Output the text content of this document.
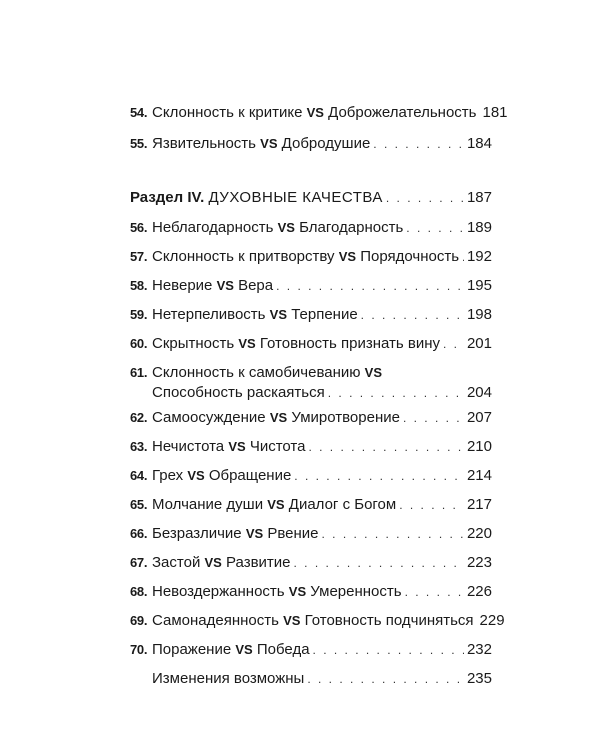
54. Склонность к критике VS Доброжелательность 181
55. Язвительность VS Добродушие . . .	184
Раздел IV. ДУХОВНЫЕ КАЧЕСТВА . . .	187
56. Неблагодарность VS Благодарность . . .	189
57. Склонность к притворству VS Порядочность . . . 192
58. Неверие VS Вера . . .	195
59. Нетерпеливость VS Терпение . . .	198
60. Скрытность VS Готовность признать вину . . . 201
61. Склонность к самобичеванию VS
Способность раскаяться . . .	204
62. Самоосуждение VS Умиротворение . . .	207
63. Нечистота VS Чистота . . .	210
64. Грех VS Обращение . . .	214
65. Молчание души VS Диалог с Богом . . .	217
66. Безразличие VS Рвение . . .	220
67. Застой VS Развитие . . .	223
68. Невоздержанность VS Умеренность . . .	226
69. Самонадеянность VS Готовность подчиняться 229
70. Поражение VS Победа . . .	232
Изменения возможны . . .	235
